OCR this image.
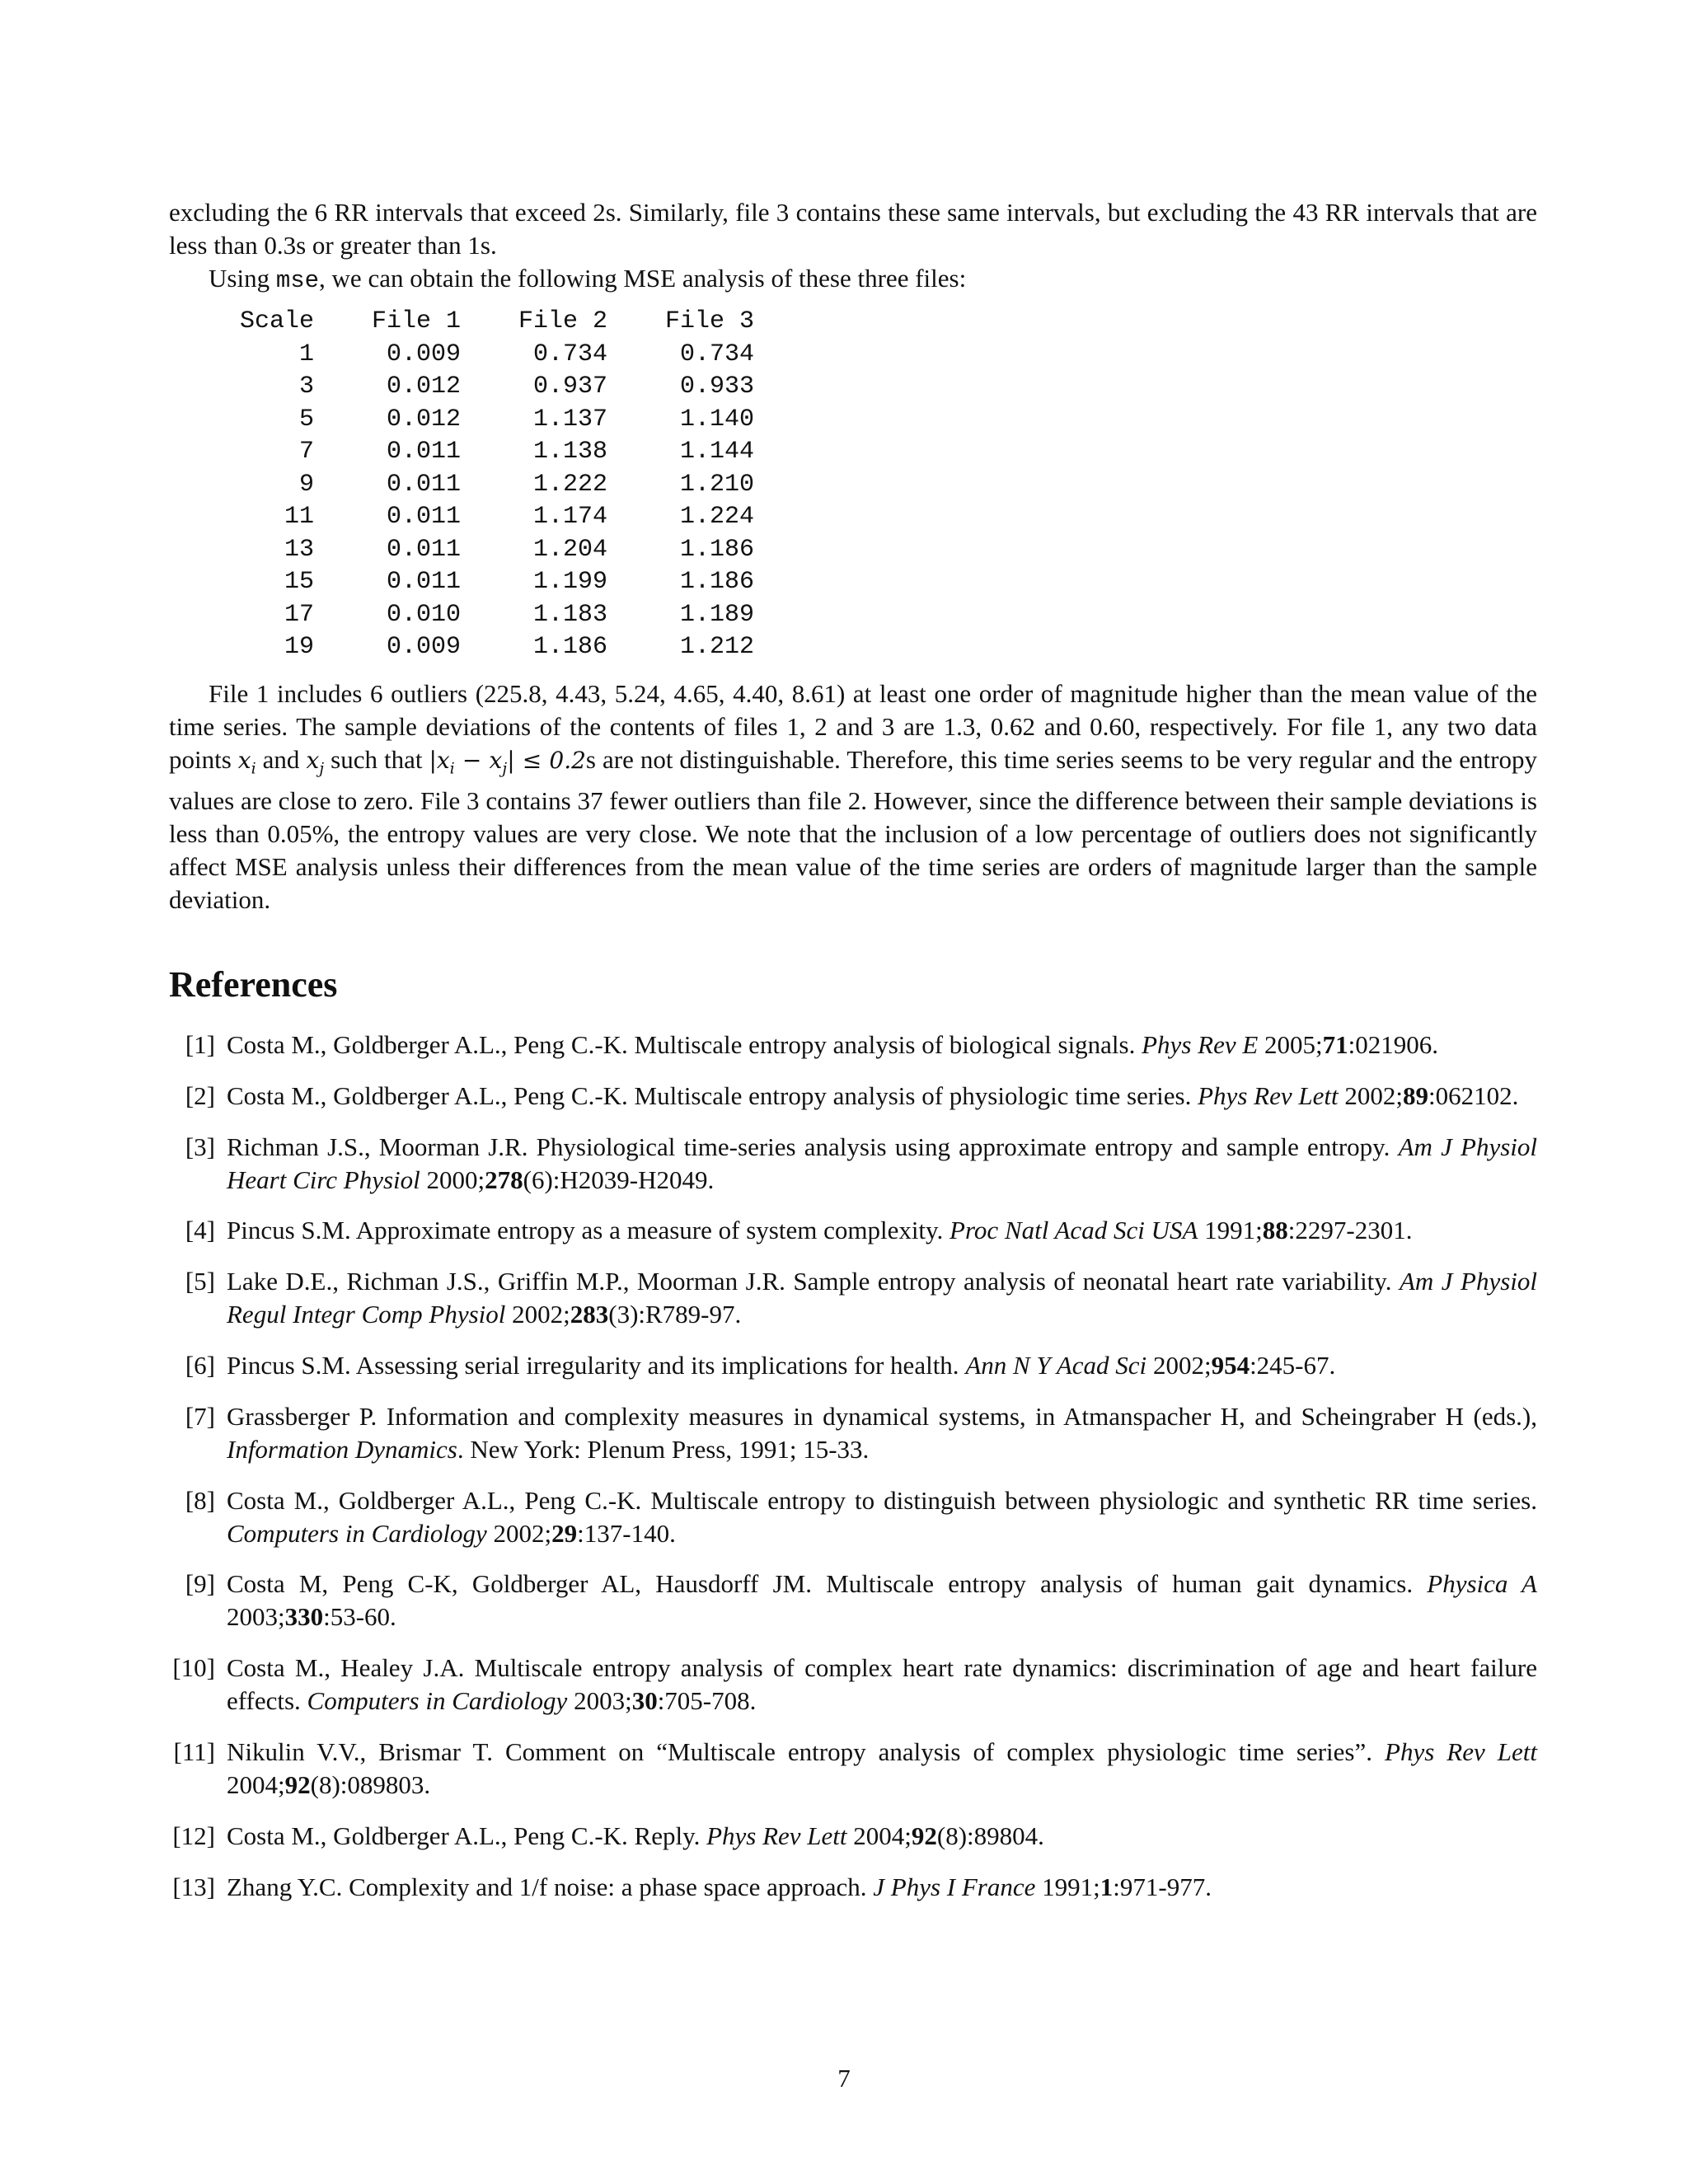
excluding the 6 RR intervals that exceed 2s. Similarly, file 3 contains these same intervals, but excluding the 43 RR intervals that are less than 0.3s or greater than 1s.

Using mse, we can obtain the following MSE analysis of these three files:

Scale	File 1	File 2	File 3
1	0.009	0.734	0.734
3	0.012	0.937	0.933
5	0.012	1.137	1.140
7	0.011	1.138	1.144
9	0.011	1.222	1.210
11	0.011	1.174	1.224
13	0.011	1.204	1.186
15	0.011	1.199	1.186
17	0.010	1.183	1.189
19	0.009	1.186	1.212

File 1 includes 6 outliers (225.8, 4.43, 5.24, 4.65, 4.40, 8.61) at least one order of magnitude higher than the mean value of the time series. The sample deviations of the contents of files 1, 2 and 3 are 1.3, 0.62 and 0.60, respectively. For file 1, any two data points $x_i$ and $x_j$ such that $|x_i - x_j| \le 0.2s$ are not distinguishable. Therefore, this time series seems to be very regular and the entropy values are close to zero. File 3 contains 37 fewer outliers than file 2. However, since the difference between their sample deviations is less than 0.05%, the entropy values are very close. We note that the inclusion of a low percentage of outliers does not significantly affect MSE analysis unless their differences from the mean value of the time series are orders of magnitude larger than the sample deviation.

References
[1] Costa M., Goldberger A.L., Peng C.-K. Multiscale entropy analysis of biological signals. Phys Rev E 2005;71:021906.
[2] Costa M., Goldberger A.L., Peng C.-K. Multiscale entropy analysis of physiologic time series. Phys Rev Lett 2002;89:062102.
[3] Richman J.S., Moorman J.R. Physiological time-series analysis using approximate entropy and sample entropy. Am J Physiol Heart Circ Physiol 2000;278(6):H2039-H2049.
[4] Pincus S.M. Approximate entropy as a measure of system complexity. Proc Natl Acad Sci USA 1991;88:2297-2301.
[5] Lake D.E., Richman J.S., Griffin M.P., Moorman J.R. Sample entropy analysis of neonatal heart rate variability. Am J Physiol Regul Integr Comp Physiol 2002;283(3):R789-97.
[6] Pincus S.M. Assessing serial irregularity and its implications for health. Ann N Y Acad Sci 2002;954:245-67.
[7] Grassberger P. Information and complexity measures in dynamical systems, in Atmanspacher H, and Scheingraber H (eds.), Information Dynamics. New York: Plenum Press, 1991; 15-33.
[8] Costa M., Goldberger A.L., Peng C.-K. Multiscale entropy to distinguish between physiologic and synthetic RR time series. Computers in Cardiology 2002;29:137-140.
[9] Costa M, Peng C-K, Goldberger AL, Hausdorff JM. Multiscale entropy analysis of human gait dynamics. Physica A 2003;330:53-60.
[10] Costa M., Healey J.A. Multiscale entropy analysis of complex heart rate dynamics: discrimination of age and heart failure effects. Computers in Cardiology 2003;30:705-708.
[11] Nikulin V.V., Brismar T. Comment on “Multiscale entropy analysis of complex physiologic time series”. Phys Rev Lett 2004;92(8):089803.
[12] Costa M., Goldberger A.L., Peng C.-K. Reply. Phys Rev Lett 2004;92(8):89804.
[13] Zhang Y.C. Complexity and 1/f noise: a phase space approach. J Phys I France 1991;1:971-977.
7
